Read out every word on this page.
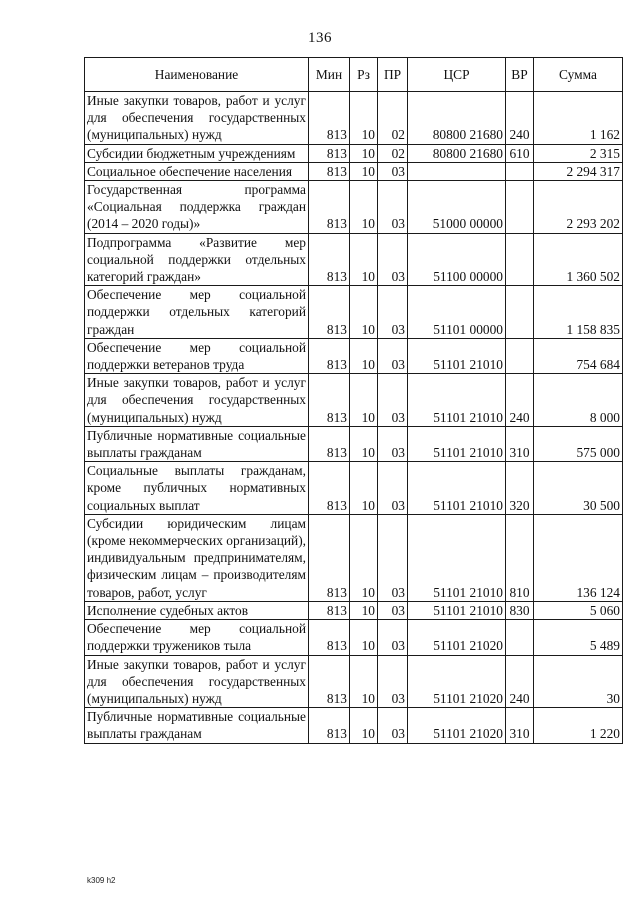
136
Наименование	Мин	Рз	ПР	ЦСР	ВР	Сумма
Иные закупки товаров, работ и услуг для обеспечения государственных (муниципальных) нужд	813	10	02	80800 21680	240	1 162
Субсидии бюджетным учреждениям	813	10	02	80800 21680	610	2 315
Социальное обеспечение населения	813	10	03			2 294 317
Государственная программа «Социальная поддержка граждан (2014 – 2020 годы)»	813	10	03	51000 00000		2 293 202
Подпрограмма «Развитие мер социальной поддержки отдельных категорий граждан»	813	10	03	51100 00000		1 360 502
Обеспечение мер социальной поддержки отдельных категорий граждан	813	10	03	51101 00000		1 158 835
Обеспечение мер социальной поддержки ветеранов труда	813	10	03	51101 21010		754 684
Иные закупки товаров, работ и услуг для обеспечения государственных (муниципальных) нужд	813	10	03	51101 21010	240	8 000
Публичные нормативные социальные выплаты гражданам	813	10	03	51101 21010	310	575 000
Социальные выплаты гражданам, кроме публичных нормативных социальных выплат	813	10	03	51101 21010	320	30 500
Субсидии юридическим лицам (кроме некоммерческих организаций), индивидуальным предпринимателям, физическим лицам – производителям товаров, работ, услуг	813	10	03	51101 21010	810	136 124
Исполнение судебных актов	813	10	03	51101 21010	830	5 060
Обеспечение мер социальной поддержки тружеников тыла	813	10	03	51101 21020		5 489
Иные закупки товаров, работ и услуг для обеспечения государственных (муниципальных) нужд	813	10	03	51101 21020	240	30
Публичные нормативные социальные выплаты гражданам	813	10	03	51101 21020	310	1 220
k309 h2
